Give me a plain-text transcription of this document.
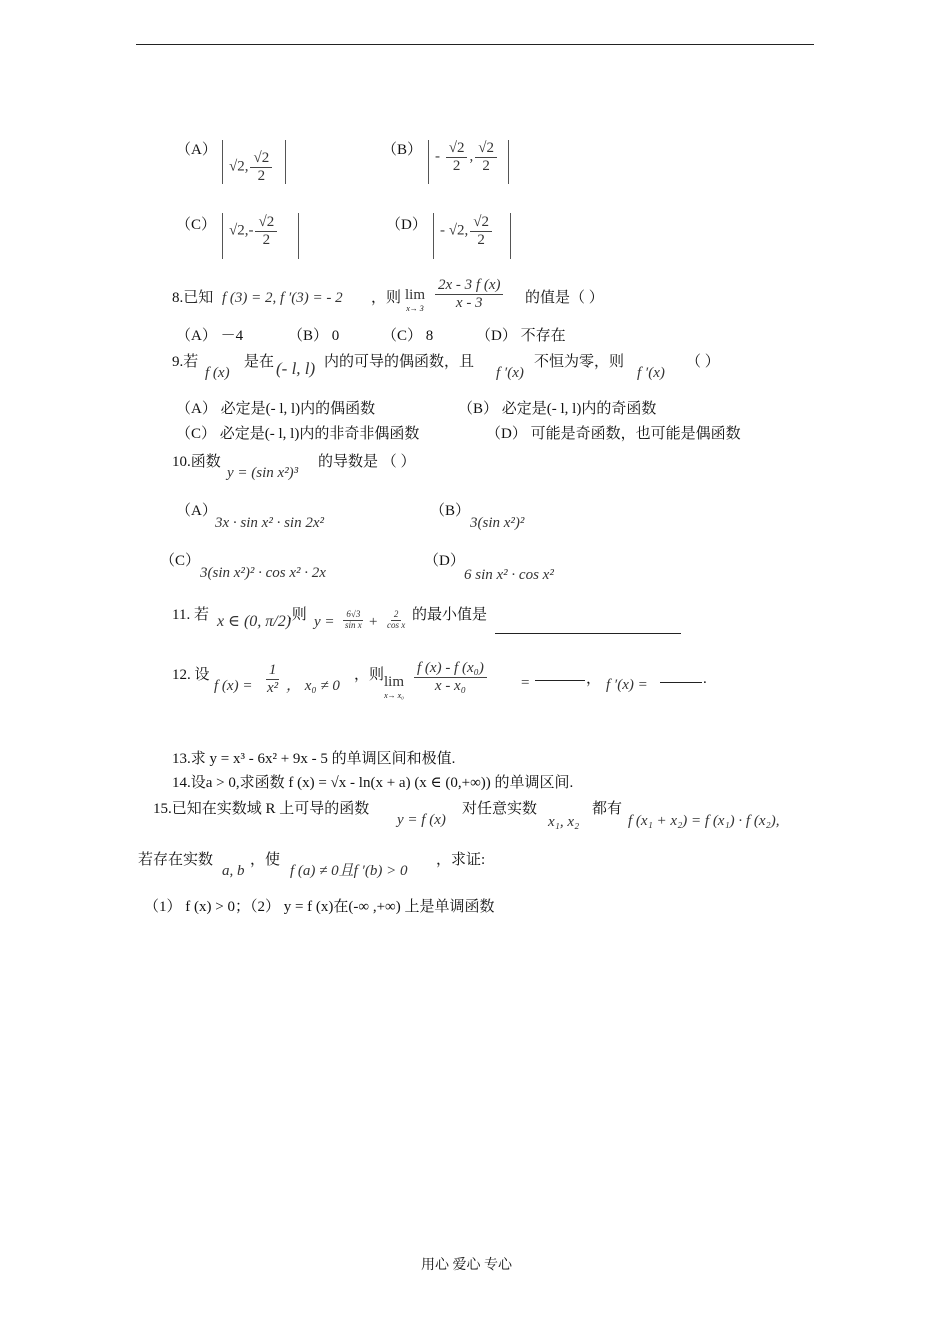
（A）
√2, $\frac{√2}{2}$	$(B) - \frac{√2}{2}$ , $\frac{√2}{2}$
（C） $√2,- \frac{√2}{2}$	（D） - √2, $\frac{√2}{2}$
8.已知 f (3) = 2, f ′(3) = - 2 ，则 lim
$x\to 3 \frac{2x - 3 f (x)}{x - 3}$ 的值是（ ）
（A） －4	（B） 0	（C） 8	（D） 不存在
9.若
f (x)
是在 (- l, l) 内的可导的偶函数，且
f ′(x)
不恒为零，则
f ′(x)
（ ）
（A） 必定是(- l, l)内的偶函数	（B） 必定是(- l, l)内的奇函数
（C） 必定是(- l, l)内的非奇非偶函数	（D） 可能是奇函数，也可能是偶函数
10.函数
y = (sin x²)³
的导数是 （ ）
（A）
3x · sin x² · sin 2x²
（B）
3(sin x²)²
（C）
3(sin x²)² · cos x² · 2x
（D）
6 sin x² · cos x²
11. 若 x ∈ (0, π/2)
,则 $y = \frac{6√3}{\text{sin x}} + \frac{2}{\text{cos x}}$ 的最小值是
12. 设
f $(x) = \frac{1}{\text{x²}}$ ， x₀ ≠ 0
，则 lim
x→ x₀
$\frac{\text{f (x) - f (x₀)}}{\text{x - x₀}}$ =	， f ′(x) =	.
13.求 y = x³ - 6x² + 9x - 5 的单调区间和极值.
14.设a > 0,求函数 f (x) = √x - ln(x + a) (x ∈ (0,+∞)) 的单调区间.
15.已知在实数域 R 上可导的函数
y = f (x)
对任意实数
x₁, x₂
都有
f (x₁ + x₂) = f (x₁) · f (x₂),
若存在实数
a, b
，使
f (a) ≠ 0且f ′(b) > 0
，求证:
（1） f (x) > 0；（2） y = f (x)在(-∞ ,+∞) 上是单调函数
用心 爱心 专心
